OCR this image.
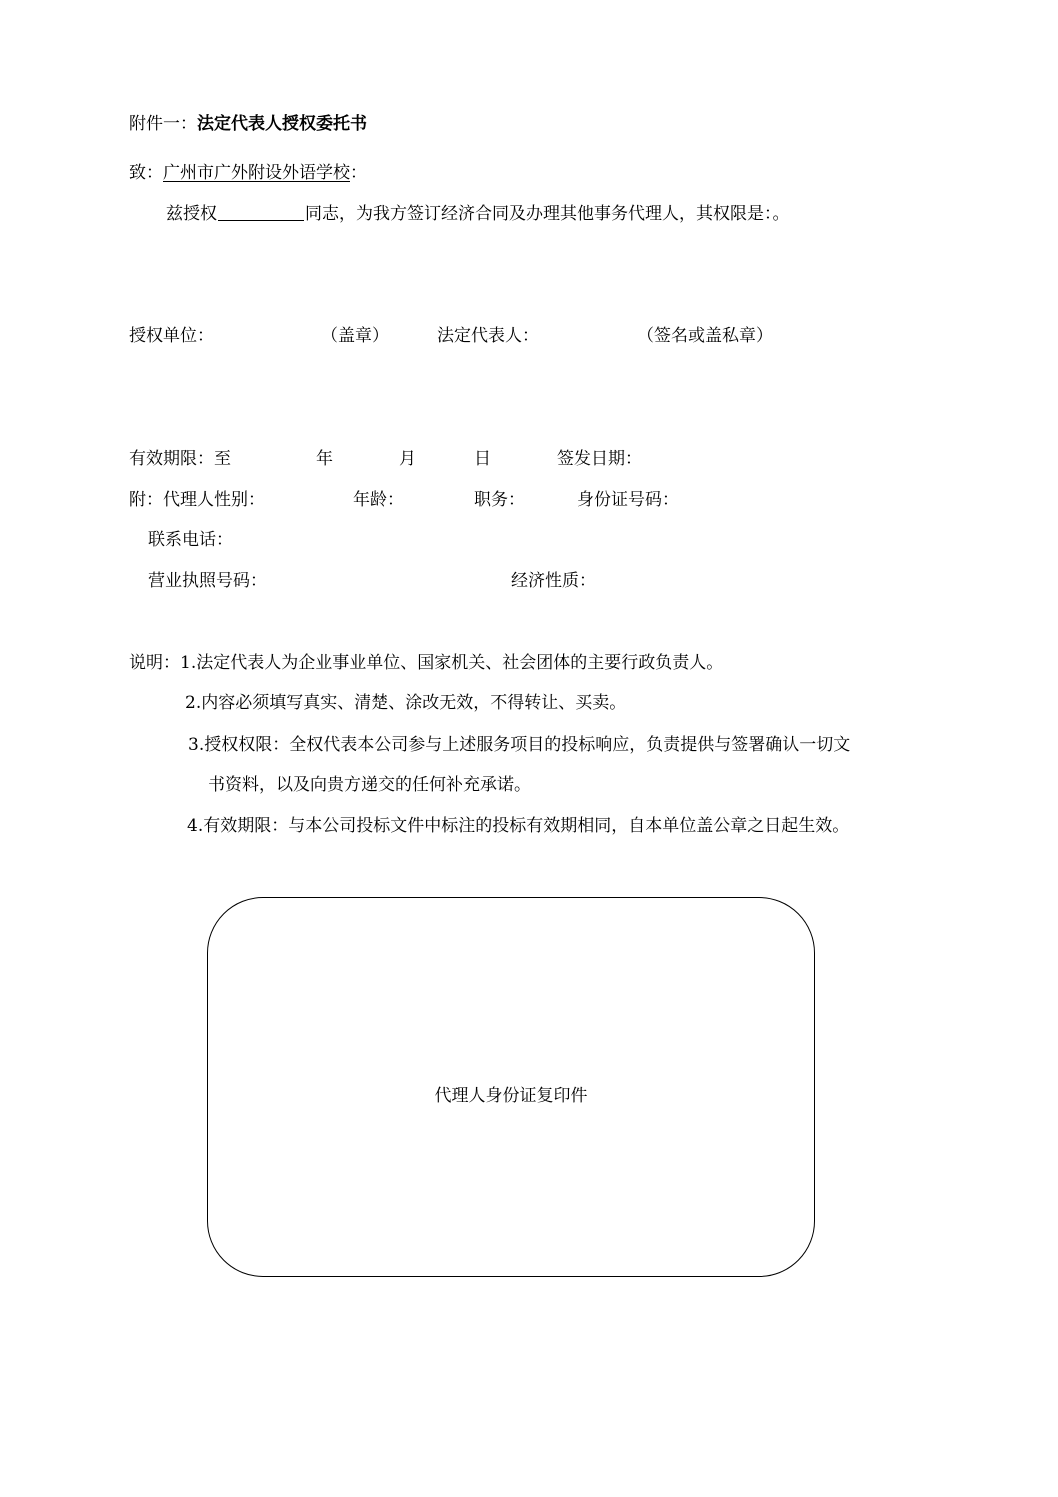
附件一：法定代表人授权委托书
致：广州市广外附设外语学校：
兹授权	同志，为我方签订经济合同及办理其他事务代理人，其权限是：。
授权单位：	（盖章）	法定代表人：	（签名或盖私章）
有效期限：至	年	月	日	签发日期：
附：代理人性别：	年龄：	职务：	身份证号码：
联系电话：
营业执照号码：	经济性质：
说明：1.法定代表人为企业事业单位、国家机关、社会团体的主要行政负责人。
2.内容必须填写真实、清楚、涂改无效，不得转让、买卖。
3.授权权限：全权代表本公司参与上述服务项目的投标响应，负责提供与签署确认一切文
书资料，以及向贵方递交的任何补充承诺。
4.有效期限：与本公司投标文件中标注的投标有效期相同，自本单位盖公章之日起生效。
代理人身份证复印件
